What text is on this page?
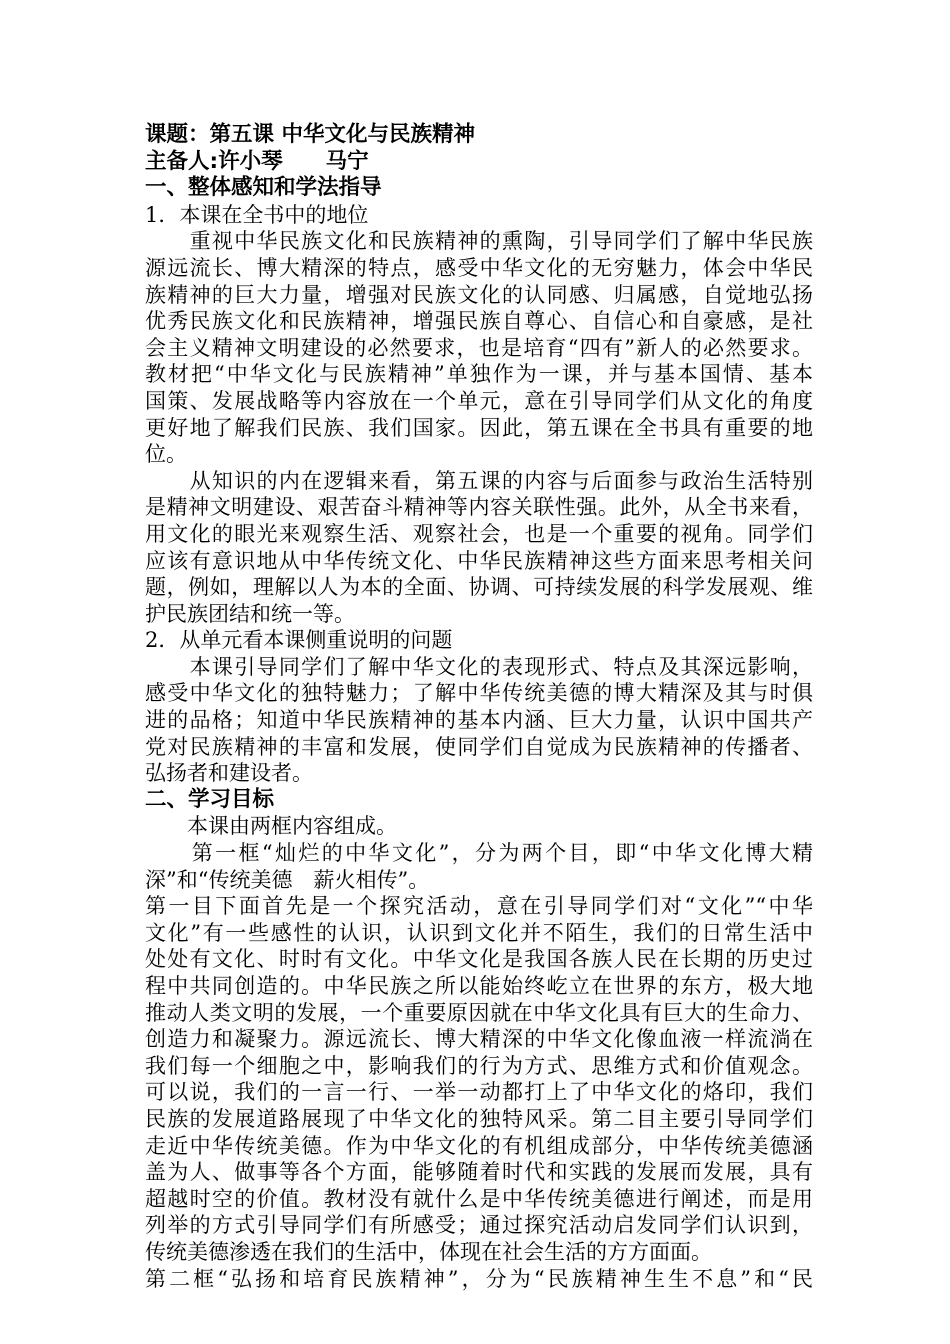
课题：第五课 中华文化与民族精神
主备人:许小琴　　马宁
一、整体感知和学法指导
1．本课在全书中的地位
　　重视中华民族文化和民族精神的熏陶，引导同学们了解中华民族
源远流长、博大精深的特点，感受中华文化的无穷魅力，体会中华民
族精神的巨大力量，增强对民族文化的认同感、归属感，自觉地弘扬
优秀民族文化和民族精神，增强民族自尊心、自信心和自豪感，是社
会主义精神文明建设的必然要求，也是培育“四有”新人的必然要求。
教材把“中华文化与民族精神”单独作为一课，并与基本国情、基本
国策、发展战略等内容放在一个单元，意在引导同学们从文化的角度
更好地了解我们民族、我们国家。因此，第五课在全书具有重要的地
位。
　　从知识的内在逻辑来看，第五课的内容与后面参与政治生活特别
是精神文明建设、艰苦奋斗精神等内容关联性强。此外，从全书来看，
用文化的眼光来观察生活、观察社会，也是一个重要的视角。同学们
应该有意识地从中华传统文化、中华民族精神这些方面来思考相关问
题，例如，理解以人为本的全面、协调、可持续发展的科学发展观、维
护民族团结和统一等。
2．从单元看本课侧重说明的问题
　　本课引导同学们了解中华文化的表现形式、特点及其深远影响，
感受中华文化的独特魅力；了解中华传统美德的博大精深及其与时俱
进的品格；知道中华民族精神的基本内涵、巨大力量，认识中国共产
党对民族精神的丰富和发展，使同学们自觉成为民族精神的传播者、
弘扬者和建设者。
二、学习目标
　　本课由两框内容组成。
　　第一框“灿烂的中华文化”，分为两个目，即“中华文化博大精
深”和“传统美德　薪火相传”。
第一目下面首先是一个探究活动，意在引导同学们对“文化”“中华
文化”有一些感性的认识，认识到文化并不陌生，我们的日常生活中
处处有文化、时时有文化。中华文化是我国各族人民在长期的历史过
程中共同创造的。中华民族之所以能始终屹立在世界的东方，极大地
推动人类文明的发展，一个重要原因就在中华文化具有巨大的生命力、
创造力和凝聚力。源远流长、博大精深的中华文化像血液一样流淌在
我们每一个细胞之中，影响我们的行为方式、思维方式和价值观念。
可以说，我们的一言一行、一举一动都打上了中华文化的烙印，我们
民族的发展道路展现了中华文化的独特风采。第二目主要引导同学们
走近中华传统美德。作为中华文化的有机组成部分，中华传统美德涵
盖为人、做事等各个方面，能够随着时代和实践的发展而发展，具有
超越时空的价值。教材没有就什么是中华传统美德进行阐述，而是用
列举的方式引导同学们有所感受；通过探究活动启发同学们认识到，
传统美德渗透在我们的生活中，体现在社会生活的方方面面。
第二框“弘扬和培育民族精神”，分为“民族精神生生不息”和“民
